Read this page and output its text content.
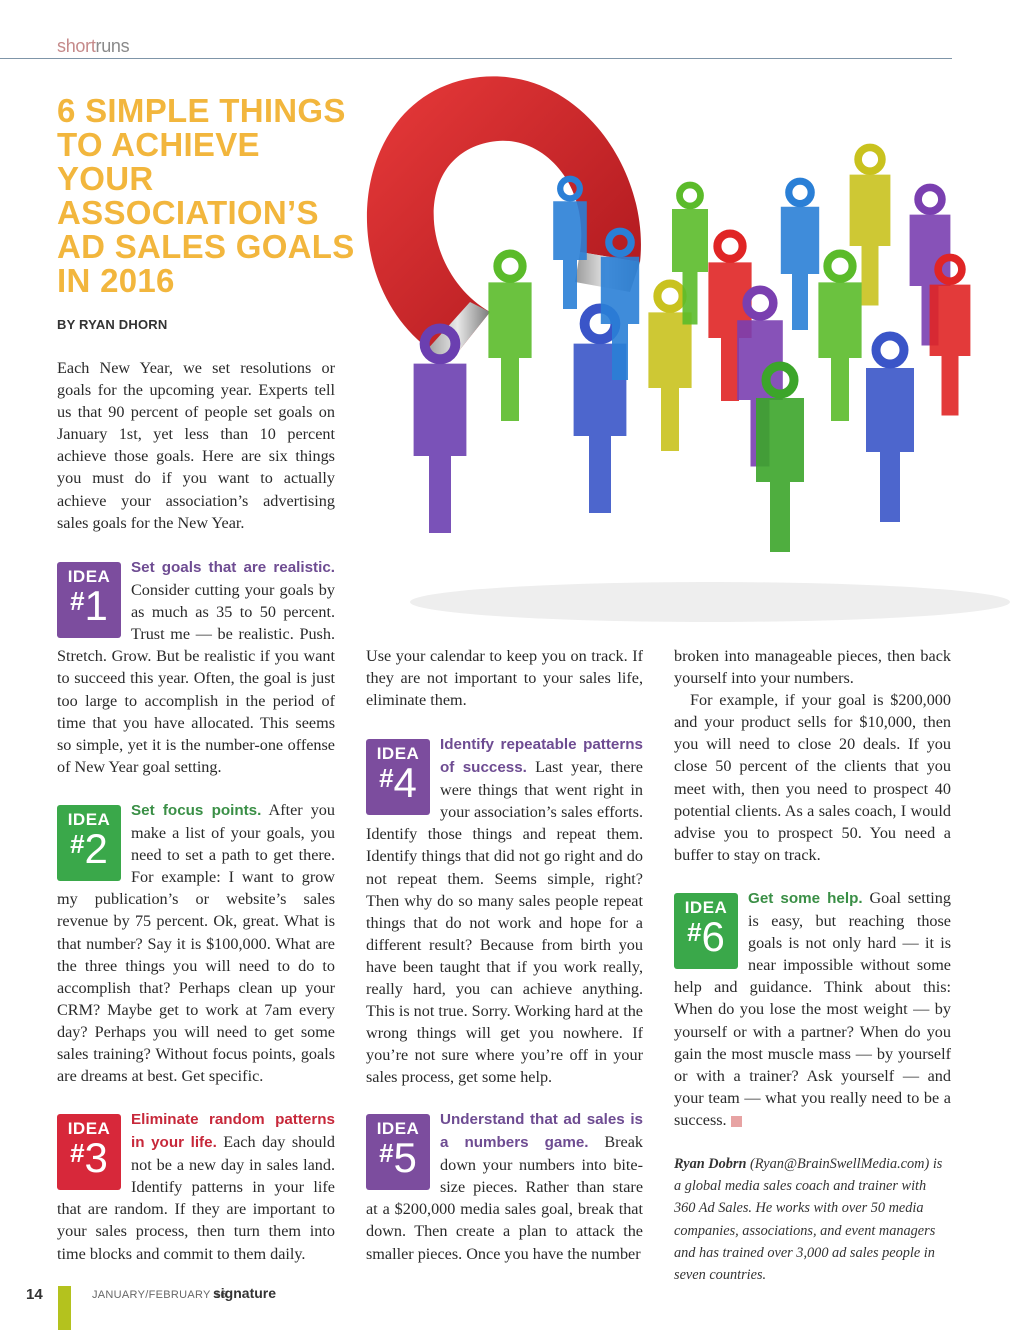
shortruns
6 SIMPLE THINGS TO ACHIEVE YOUR ASSOCIATION’S AD SALES GOALS IN 2016
BY RYAN DHORN

Each New Year, we set resolutions or goals for the upcoming year. Experts tell us that 90 percent of people set goals on January 1st, yet less than 10 percent achieve those goals. Here are six things you must do if you want to actually achieve your association’s advertising sales goals for the New Year.

IDEA
#1

Set goals that are realistic. Consider cutting your goals by as much as 35 to 50 percent. Trust me — be realistic. Push. Stretch. Grow. But be realistic if you want to succeed this year. Often, the goal is just too large to accomplish in the period of time that you have allocated. This seems so simple, yet it is the number-one offense of New Year goal setting.

IDEA
#2

Set focus points. After you make a list of your goals, you need to set a path to get there. For example: I want to grow my publication’s or website’s sales revenue by 75 percent. Ok, great. What is that number? Say it is $100,000. What are the three things you will need to do to accomplish that? Perhaps clean up your CRM? Maybe get to work at 7am every day? Perhaps you will need to get some sales training? Without focus points, goals are dreams at best. Get specific.

IDEA
#3

Eliminate random patterns in your life. Each day should not be a new day in sales land. Identify patterns in your life that are random. If they are important to your sales process, then turn them into time blocks and commit to them daily.

Use your calendar to keep you on track. If they are not important to your sales life, eliminate them.

IDEA
#4

Identify repeatable patterns of success. Last year, there were things that went right in your association’s sales efforts. Identify those things and repeat them. Identify things that did not go right and do not repeat them. Seems simple, right? Then why do so many sales people repeat things that do not work and hope for a different result? Because from birth you have been taught that if you work really, really hard, you can achieve anything. This is not true. Sorry. Working hard at the wrong things will get you nowhere. If you’re not sure where you’re off in your sales process, get some help.

IDEA
#5

Understand that ad sales is a numbers game. Break down your numbers into bite-size pieces. Rather than stare at a $200,000 media sales goal, break that down. Then create a plan to attack the smaller pieces. Once you have the number

broken into manageable pieces, then back yourself into your numbers.

For example, if your goal is $200,000 and your product sells for $10,000, then you will need to close 20 deals. If you close 50 percent of the clients that you meet with, then you need to prospect 40 potential clients. As a sales coach, I would advise you to prospect 50. You need a buffer to stay on track.

IDEA
#6

Get some help. Goal setting is easy, but reaching those goals is not only hard — it is near impossible without some help and guidance. Think about this: When do you lose the most weight — by yourself or with a partner? When do you gain the most muscle mass — by yourself or with a trainer? Ask yourself — and your team — what you really need to be a success.

Ryan Dobrn (Ryan@BrainSwellMedia.com) is a global media sales coach and trainer with 360 Ad Sales. He works with over 50 media companies, associations, and event managers and has trained over 3,000 ad sales people in seven countries.

14	JANUARY/FEBRUARY 16
signature
